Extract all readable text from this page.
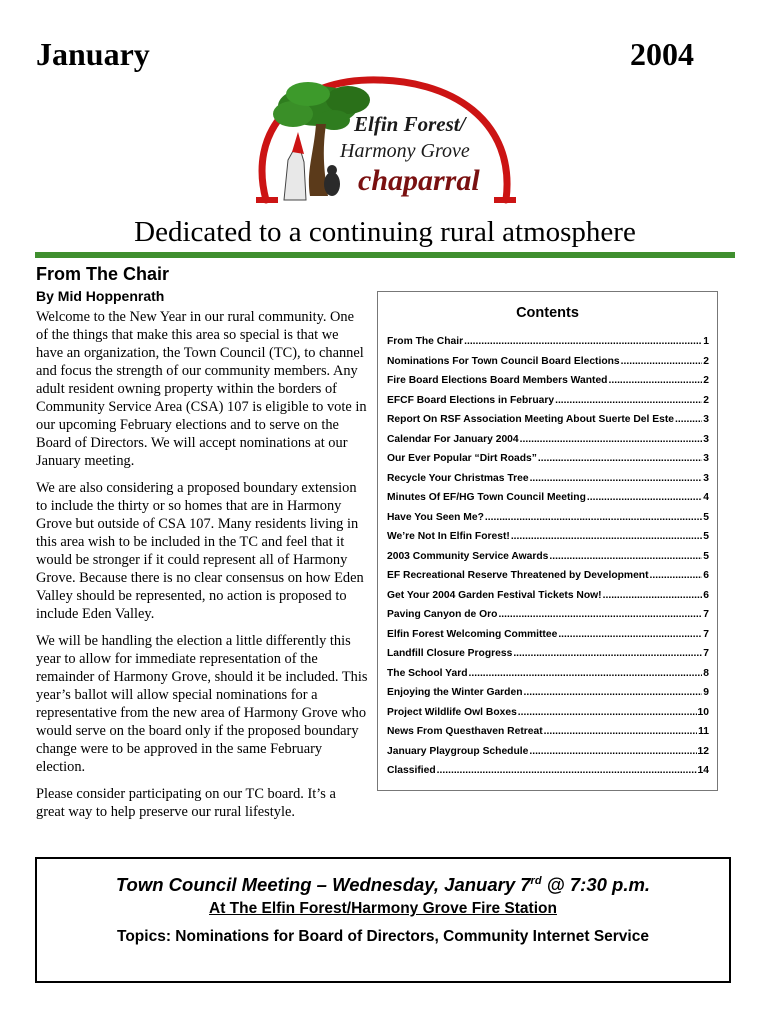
January	2004
Elfin Forest/
Harmony Grove
chaparral
Dedicated to a continuing rural atmosphere
From The Chair
By Mid Hoppenrath

Welcome to the New Year in our rural community. One of the things that make this area so special is that we have an organization, the Town Council (TC), to channel and focus the strength of our community members. Any adult resident owning property within the borders of Community Service Area (CSA) 107 is eligible to vote in our upcoming February elections and to serve on the Board of Directors. We will accept nominations at our January meeting.

We are also considering a proposed boundary extension to include the thirty or so homes that are in Harmony Grove but outside of CSA 107. Many residents living in this area wish to be included in the TC and feel that it would be stronger if it could represent all of Harmony Grove. Because there is no clear consensus on how Eden Valley should be represented, no action is proposed to include Eden Valley.

We will be handling the election a little differently this year to allow for immediate representation of the remainder of Harmony Grove, should it be included. This year’s ballot will allow special nominations for a representative from the new area of Harmony Grove who would serve on the board only if the proposed boundary change were to be approved in the same February election.

Please consider participating on our TC board. It’s a great way to help preserve our rural lifestyle.

Contents
From The Chair .....	1
Nominations For Town Council Board Elections .....	2
Fire Board Elections Board Members Wanted .....	2
EFCF Board Elections in February .....	2
Report On RSF Association Meeting About Suerte Del Este .....	3
Calendar For January 2004 .....	3
Our Ever Popular “Dirt Roads” .....	3
Recycle Your Christmas Tree .....	3
Minutes Of EF/HG Town Council Meeting .....	4
Have You Seen Me? .....	5
We’re Not In Elfin Forest! .....	5
2003 Community Service Awards .....	5
EF Recreational Reserve Threatened by Development .....	6
Get Your 2004 Garden Festival Tickets Now! .....	6
Paving Canyon de Oro .....	7
Elfin Forest Welcoming Committee .....	7
Landfill Closure Progress .....	7
The School Yard .....	8
Enjoying the Winter Garden .....	9
Project Wildlife Owl Boxes .....	10
News From Questhaven Retreat .....	11
January Playgroup Schedule .....	12
Classified .....	14
Town Council Meeting – Wednesday, January 7rd @ 7:30 p.m.
At The Elfin Forest/Harmony Grove Fire Station
Topics: Nominations for Board of Directors, Community Internet Service
